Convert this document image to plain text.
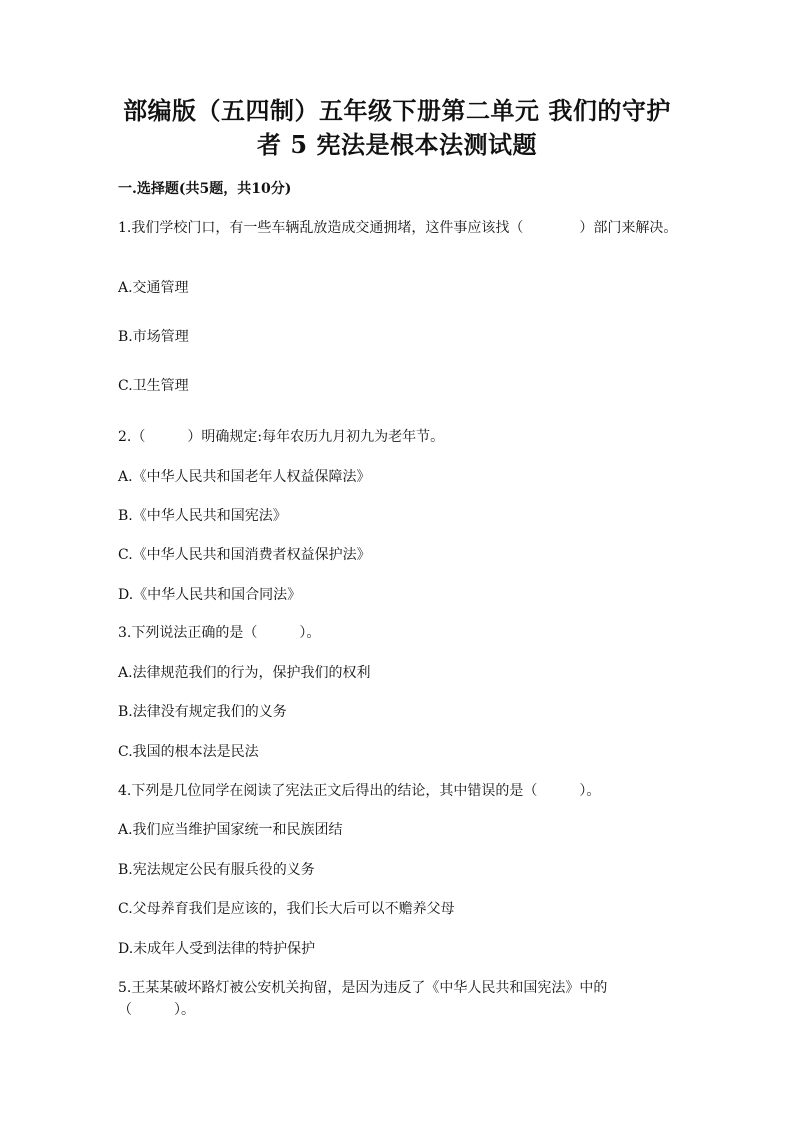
部编版（五四制）五年级下册第二单元 我们的守护
者 5 宪法是根本法测试题
一.选择题(共5题，共10分)
1.我们学校门口，有一些车辆乱放造成交通拥堵，这件事应该找（　　　　）部门来解决。
A.交通管理
B.市场管理
C.卫生管理
2.（　　　）明确规定:每年农历九月初九为老年节。
A.《中华人民共和国老年人权益保障法》
B.《中华人民共和国宪法》
C.《中华人民共和国消费者权益保护法》
D.《中华人民共和国合同法》
3.下列说法正确的是（　　　）。
A.法律规范我们的行为，保护我们的权利
B.法律没有规定我们的义务
C.我国的根本法是民法
4.下列是几位同学在阅读了宪法正文后得出的结论，其中错误的是（　　　）。
A.我们应当维护国家统一和民族团结
B.宪法规定公民有服兵役的义务
C.父母养育我们是应该的，我们长大后可以不赡养父母
D.未成年人受到法律的特护保护
5.王某某破坏路灯被公安机关拘留，是因为违反了《中华人民共和国宪法》中的（　　　）。
